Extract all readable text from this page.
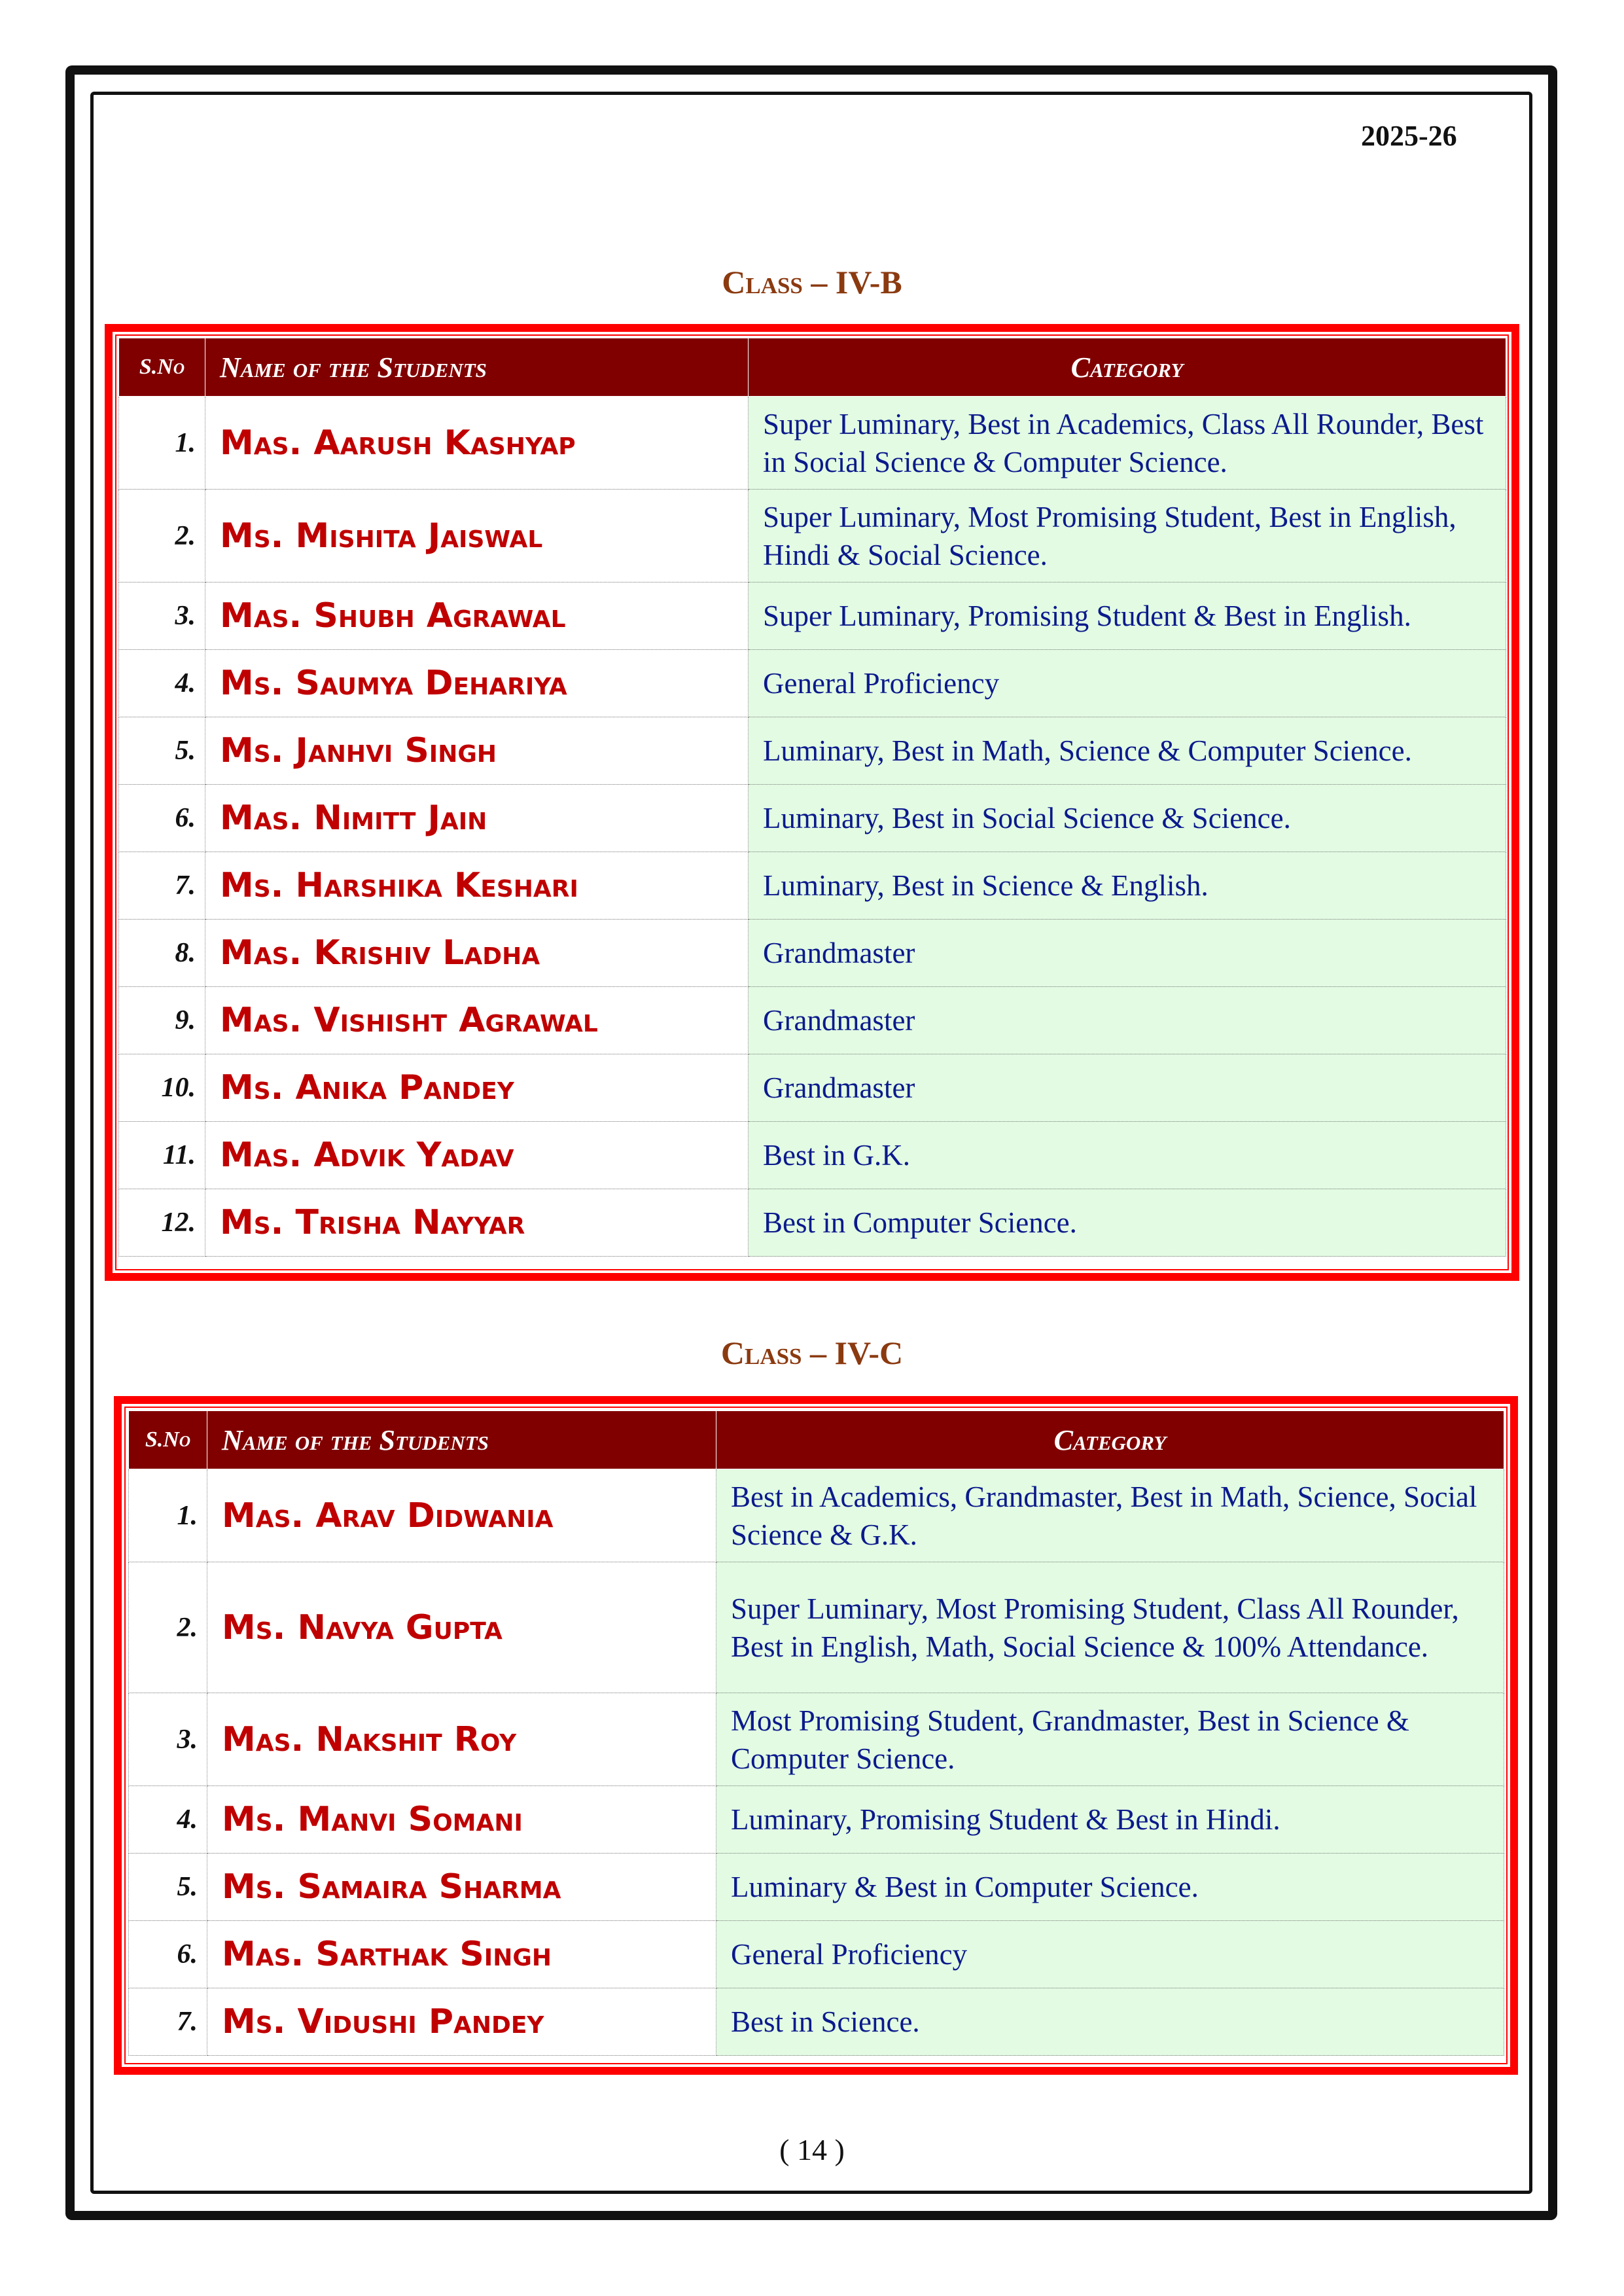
2025-26
Class – IV-B
S.No	Name of the Students	Category
1.	Mas. Aarush Kashyap	Super Luminary, Best in Academics, Class All Rounder, Best in Social Science & Computer Science.
2.	Ms. Mishita Jaiswal	Super Luminary, Most Promising Student, Best in English, Hindi & Social Science.
3.	Mas. Shubh Agrawal	Super Luminary, Promising Student & Best in English.
4.	Ms. Saumya Dehariya	General Proficiency
5.	Ms. Janhvi Singh	Luminary, Best in Math, Science & Computer Science.
6.	Mas. Nimitt Jain	Luminary, Best in Social Science & Science.
7.	Ms. Harshika Keshari	Luminary, Best in Science & English.
8.	Mas. Krishiv Ladha	Grandmaster
9.	Mas. Vishisht Agrawal	Grandmaster
10.	Ms. Anika Pandey	Grandmaster
11.	Mas. Advik Yadav	Best in G.K.
12.	Ms. Trisha Nayyar	Best in Computer Science.
Class – IV-C
S.No	Name of the Students	Category
1.	Mas. Arav Didwania	Best in Academics, Grandmaster, Best in Math, Science, Social Science & G.K.
2.	Ms. Navya Gupta	Super Luminary, Most Promising Student, Class All Rounder, Best in English, Math, Social Science & 100% Attendance.
3.	Mas. Nakshit Roy	Most Promising Student, Grandmaster, Best in Science & Computer Science.
4.	Ms. Manvi Somani	Luminary, Promising Student & Best in Hindi.
5.	Ms. Samaira Sharma	Luminary & Best in Computer Science.
6.	Mas. Sarthak Singh	General Proficiency
7.	Ms. Vidushi Pandey	Best in Science.
( 14 )
